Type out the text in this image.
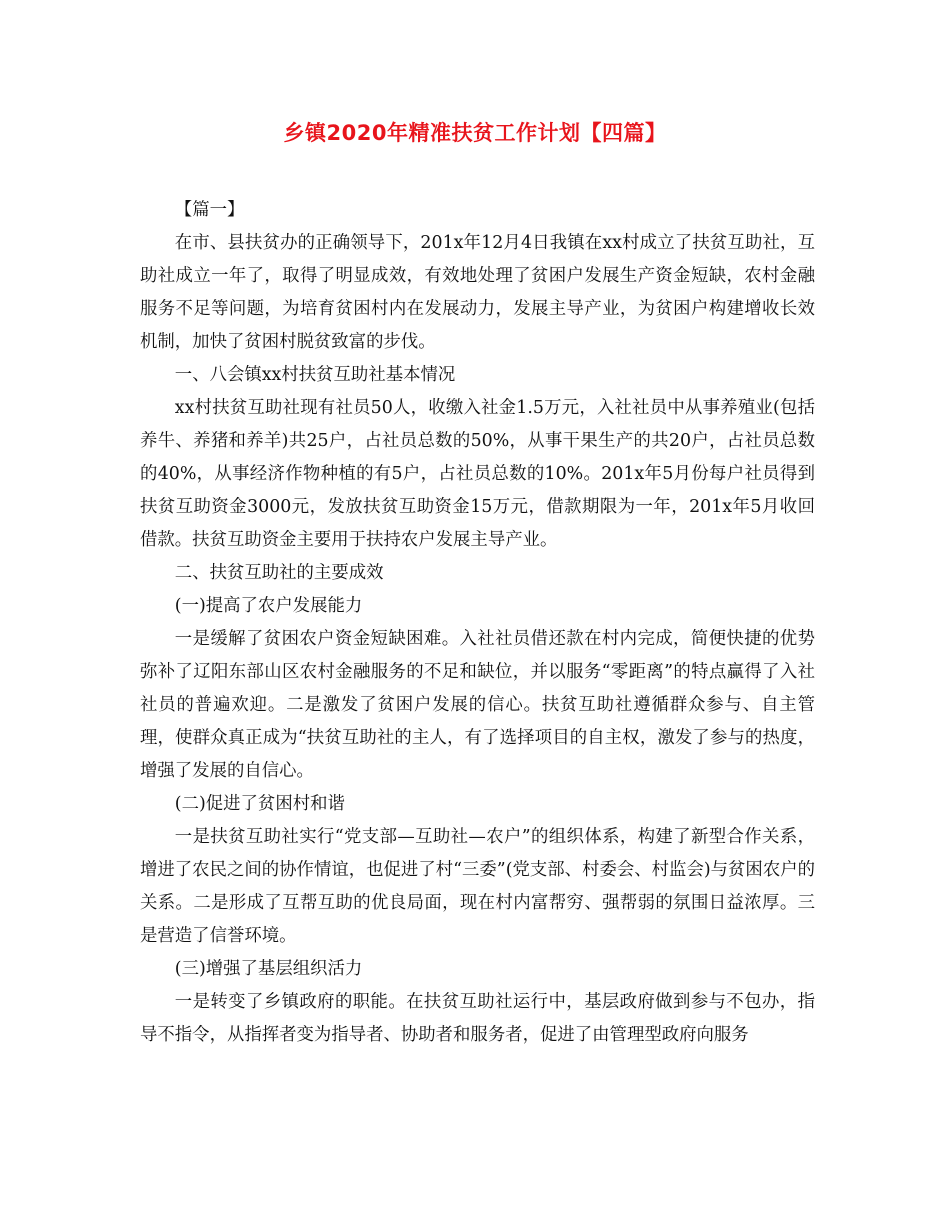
乡镇2020年精准扶贫工作计划【四篇】

【篇一】

在市、县扶贫办的正确领导下，201x年12月4日我镇在xx村成立了扶贫互助社，互助社成立一年了，取得了明显成效，有效地处理了贫困户发展生产资金短缺，农村金融服务不足等问题，为培育贫困村内在发展动力，发展主导产业，为贫困户构建增收长效机制，加快了贫困村脱贫致富的步伐。

一、八会镇xx村扶贫互助社基本情况

xx村扶贫互助社现有社员50人，收缴入社金1.5万元，入社社员中从事养殖业(包括养牛、养猪和养羊)共25户，占社员总数的50%，从事干果生产的共20户，占社员总数的40%，从事经济作物种植的有5户，占社员总数的10%。201x年5月份每户社员得到扶贫互助资金3000元，发放扶贫互助资金15万元，借款期限为一年，201x年5月收回借款。扶贫互助资金主要用于扶持农户发展主导产业。

二、扶贫互助社的主要成效

(一)提高了农户发展能力

一是缓解了贫困农户资金短缺困难。入社社员借还款在村内完成，简便快捷的优势弥补了辽阳东部山区农村金融服务的不足和缺位，并以服务“零距离”的特点赢得了入社社员的普遍欢迎。二是激发了贫困户发展的信心。扶贫互助社遵循群众参与、自主管理，使群众真正成为“扶贫互助社的主人，有了选择项目的自主权，激发了参与的热度，增强了发展的自信心。

(二)促进了贫困村和谐

一是扶贫互助社实行“党支部—互助社—农户”的组织体系，构建了新型合作关系，增进了农民之间的协作情谊，也促进了村“三委”(党支部、村委会、村监会)与贫困农户的关系。二是形成了互帮互助的优良局面，现在村内富帮穷、强帮弱的氛围日益浓厚。三是营造了信誉环境。

(三)增强了基层组织活力

一是转变了乡镇政府的职能。在扶贫互助社运行中，基层政府做到参与不包办，指导不指令，从指挥者变为指导者、协助者和服务者，促进了由管理型政府向服务
